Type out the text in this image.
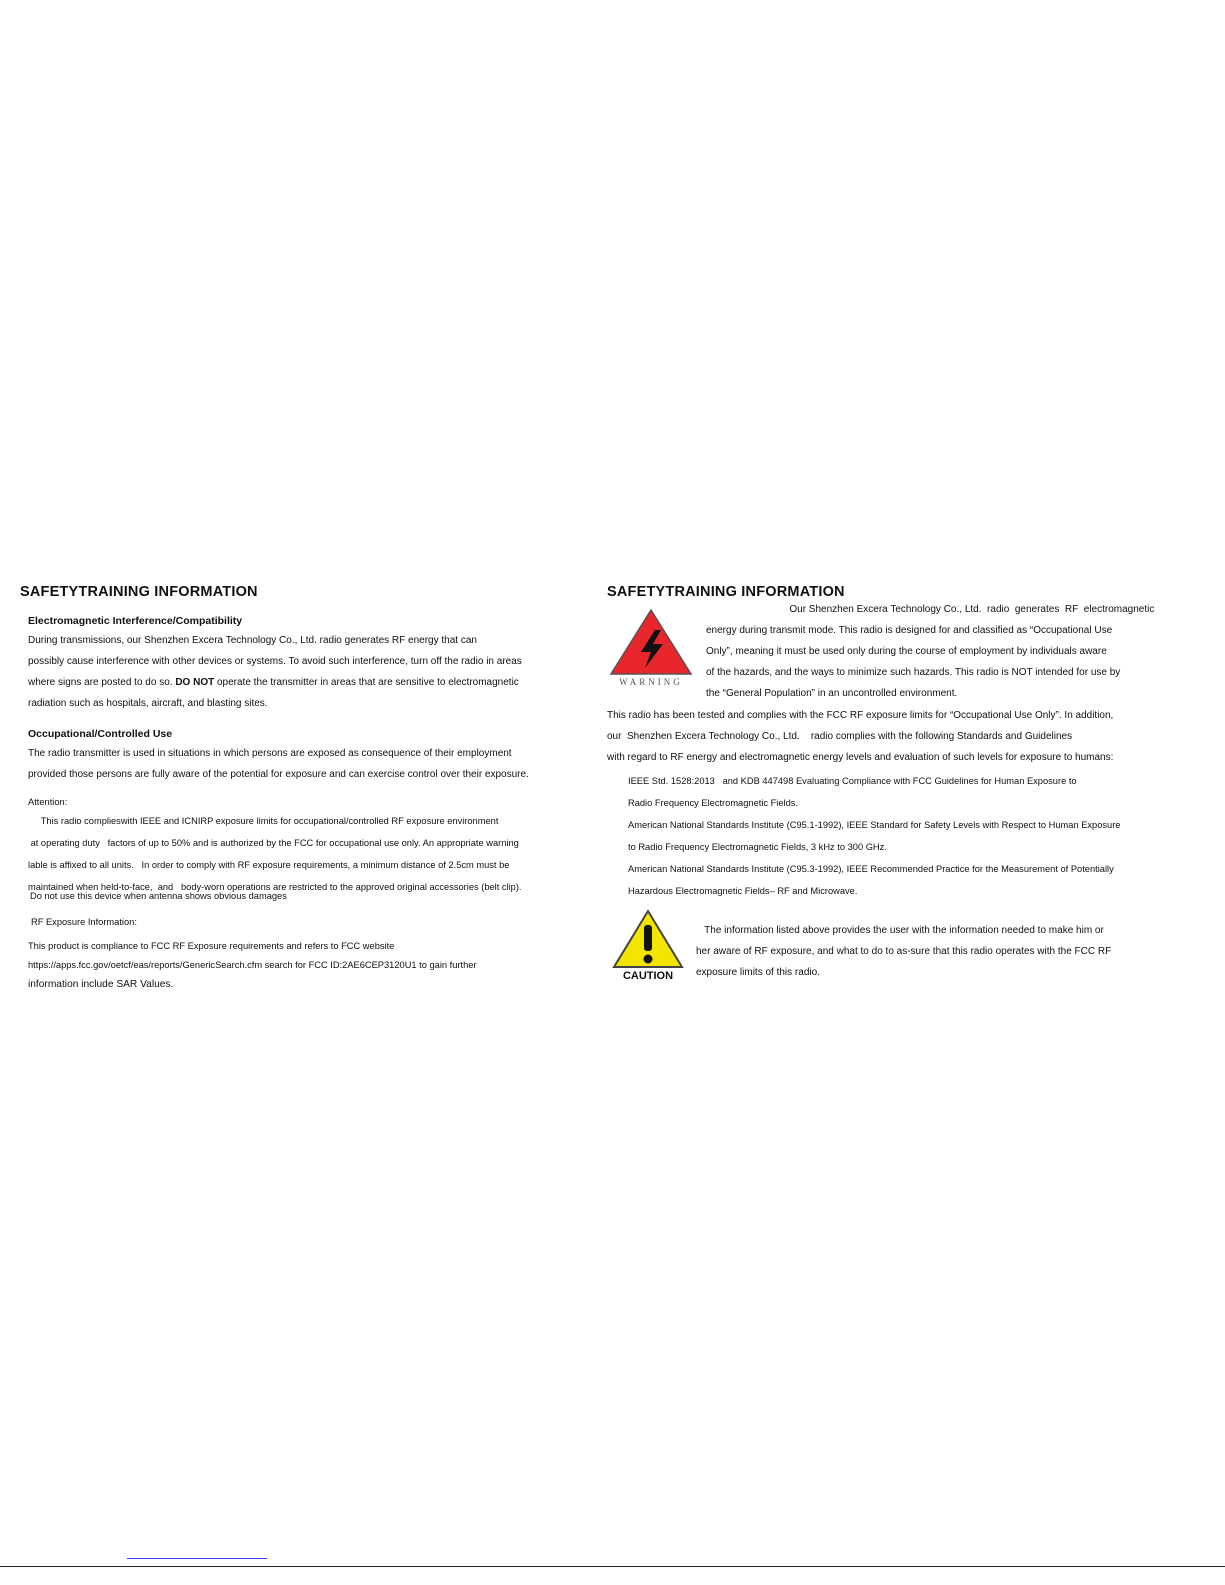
SAFETYTRAINING INFORMATION
Electromagnetic Interference/Compatibility

During transmissions, our Shenzhen Excera Technology Co., Ltd. radio generates RF energy that can

possibly cause interference with other devices or systems. To avoid such interference, turn off the radio in areas

where signs are posted to do so. DO NOT operate the transmitter in areas that are sensitive to electromagnetic

radiation such as hospitals, aircraft, and blasting sites.

Occupational/Controlled Use

The radio transmitter is used in situations in which persons are exposed as consequence of their employment

provided those persons are fully aware of the potential for exposure and can exercise control over their exposure.

Attention:

This radio complieswith IEEE and ICNIRP exposure limits for occupational/controlled RF exposure environment

at operating duty   factors of up to 50% and is authorized by the FCC for occupational use only. An appropriate warning

lable is affixed to all units.   In order to comply with RF exposure requirements, a minimum distance of 2.5cm must be

maintained when held-to-face,  and   body-worn operations are restricted to the approved original accessories (belt clip).

Do not use this device when antenna shows obvious damages

RF Exposure Information:

This product is compliance to FCC RF Exposure requirements and refers to FCC website

https://apps.fcc.gov/oetcf/eas/reports/GenericSearch.cfm search for FCC ID:2AE6CEP3120U1 to gain further

information include SAR Values.

SAFETYTRAINING INFORMATION
WARNING

Our Shenzhen Excera Technology Co., Ltd.  radio  generates  RF  electromagnetic

energy during transmit mode. This radio is designed for and classified as “Occupational Use

Only”, meaning it must be used only during the course of employment by individuals aware

of the hazards, and the ways to minimize such hazards. This radio is NOT intended for use by

the “General Population” in an uncontrolled environment.

This radio has been tested and complies with the FCC RF exposure limits for “Occupational Use Only”. In addition,

our  Shenzhen Excera Technology Co., Ltd.    radio complies with the following Standards and Guidelines

with regard to RF energy and electromagnetic energy levels and evaluation of such levels for exposure to humans:

IEEE Std. 1528:2013   and KDB 447498 Evaluating Compliance with FCC Guidelines for Human Exposure to

Radio Frequency Electromagnetic Fields.

American National Standards Institute (C95.1-1992), IEEE Standard for Safety Levels with Respect to Human Exposure

to Radio Frequency Electromagnetic Fields, 3 kHz to 300 GHz.

American National Standards Institute (C95.3-1992), IEEE Recommended Practice for the Measurement of Potentially

Hazardous Electromagnetic Fields– RF and Microwave.

CAUTION

The information listed above provides the user with the information needed to make him or

her aware of RF exposure, and what to do to as-sure that this radio operates with the FCC RF

exposure limits of this radio.
